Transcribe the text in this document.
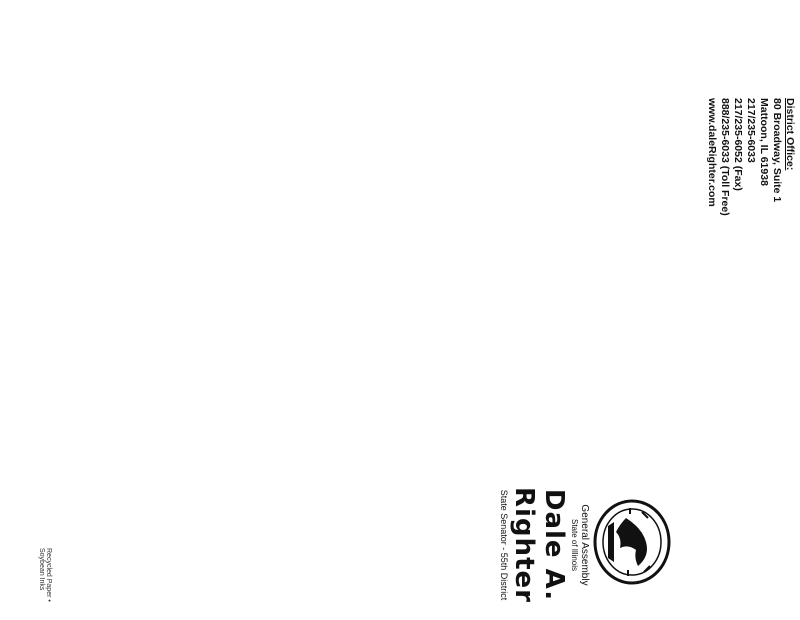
District Office:
80 Broadway, Suite 1
Mattoon, IL 61938
217/235-6033
217/235-6052 (Fax)
888/235-6033 (Toll Free)
www.daleRighter.com
General Assembly
State of Illinois
Dale A. Righter
State Senator - 55th District
Recycled Paper • Soybean Inks
